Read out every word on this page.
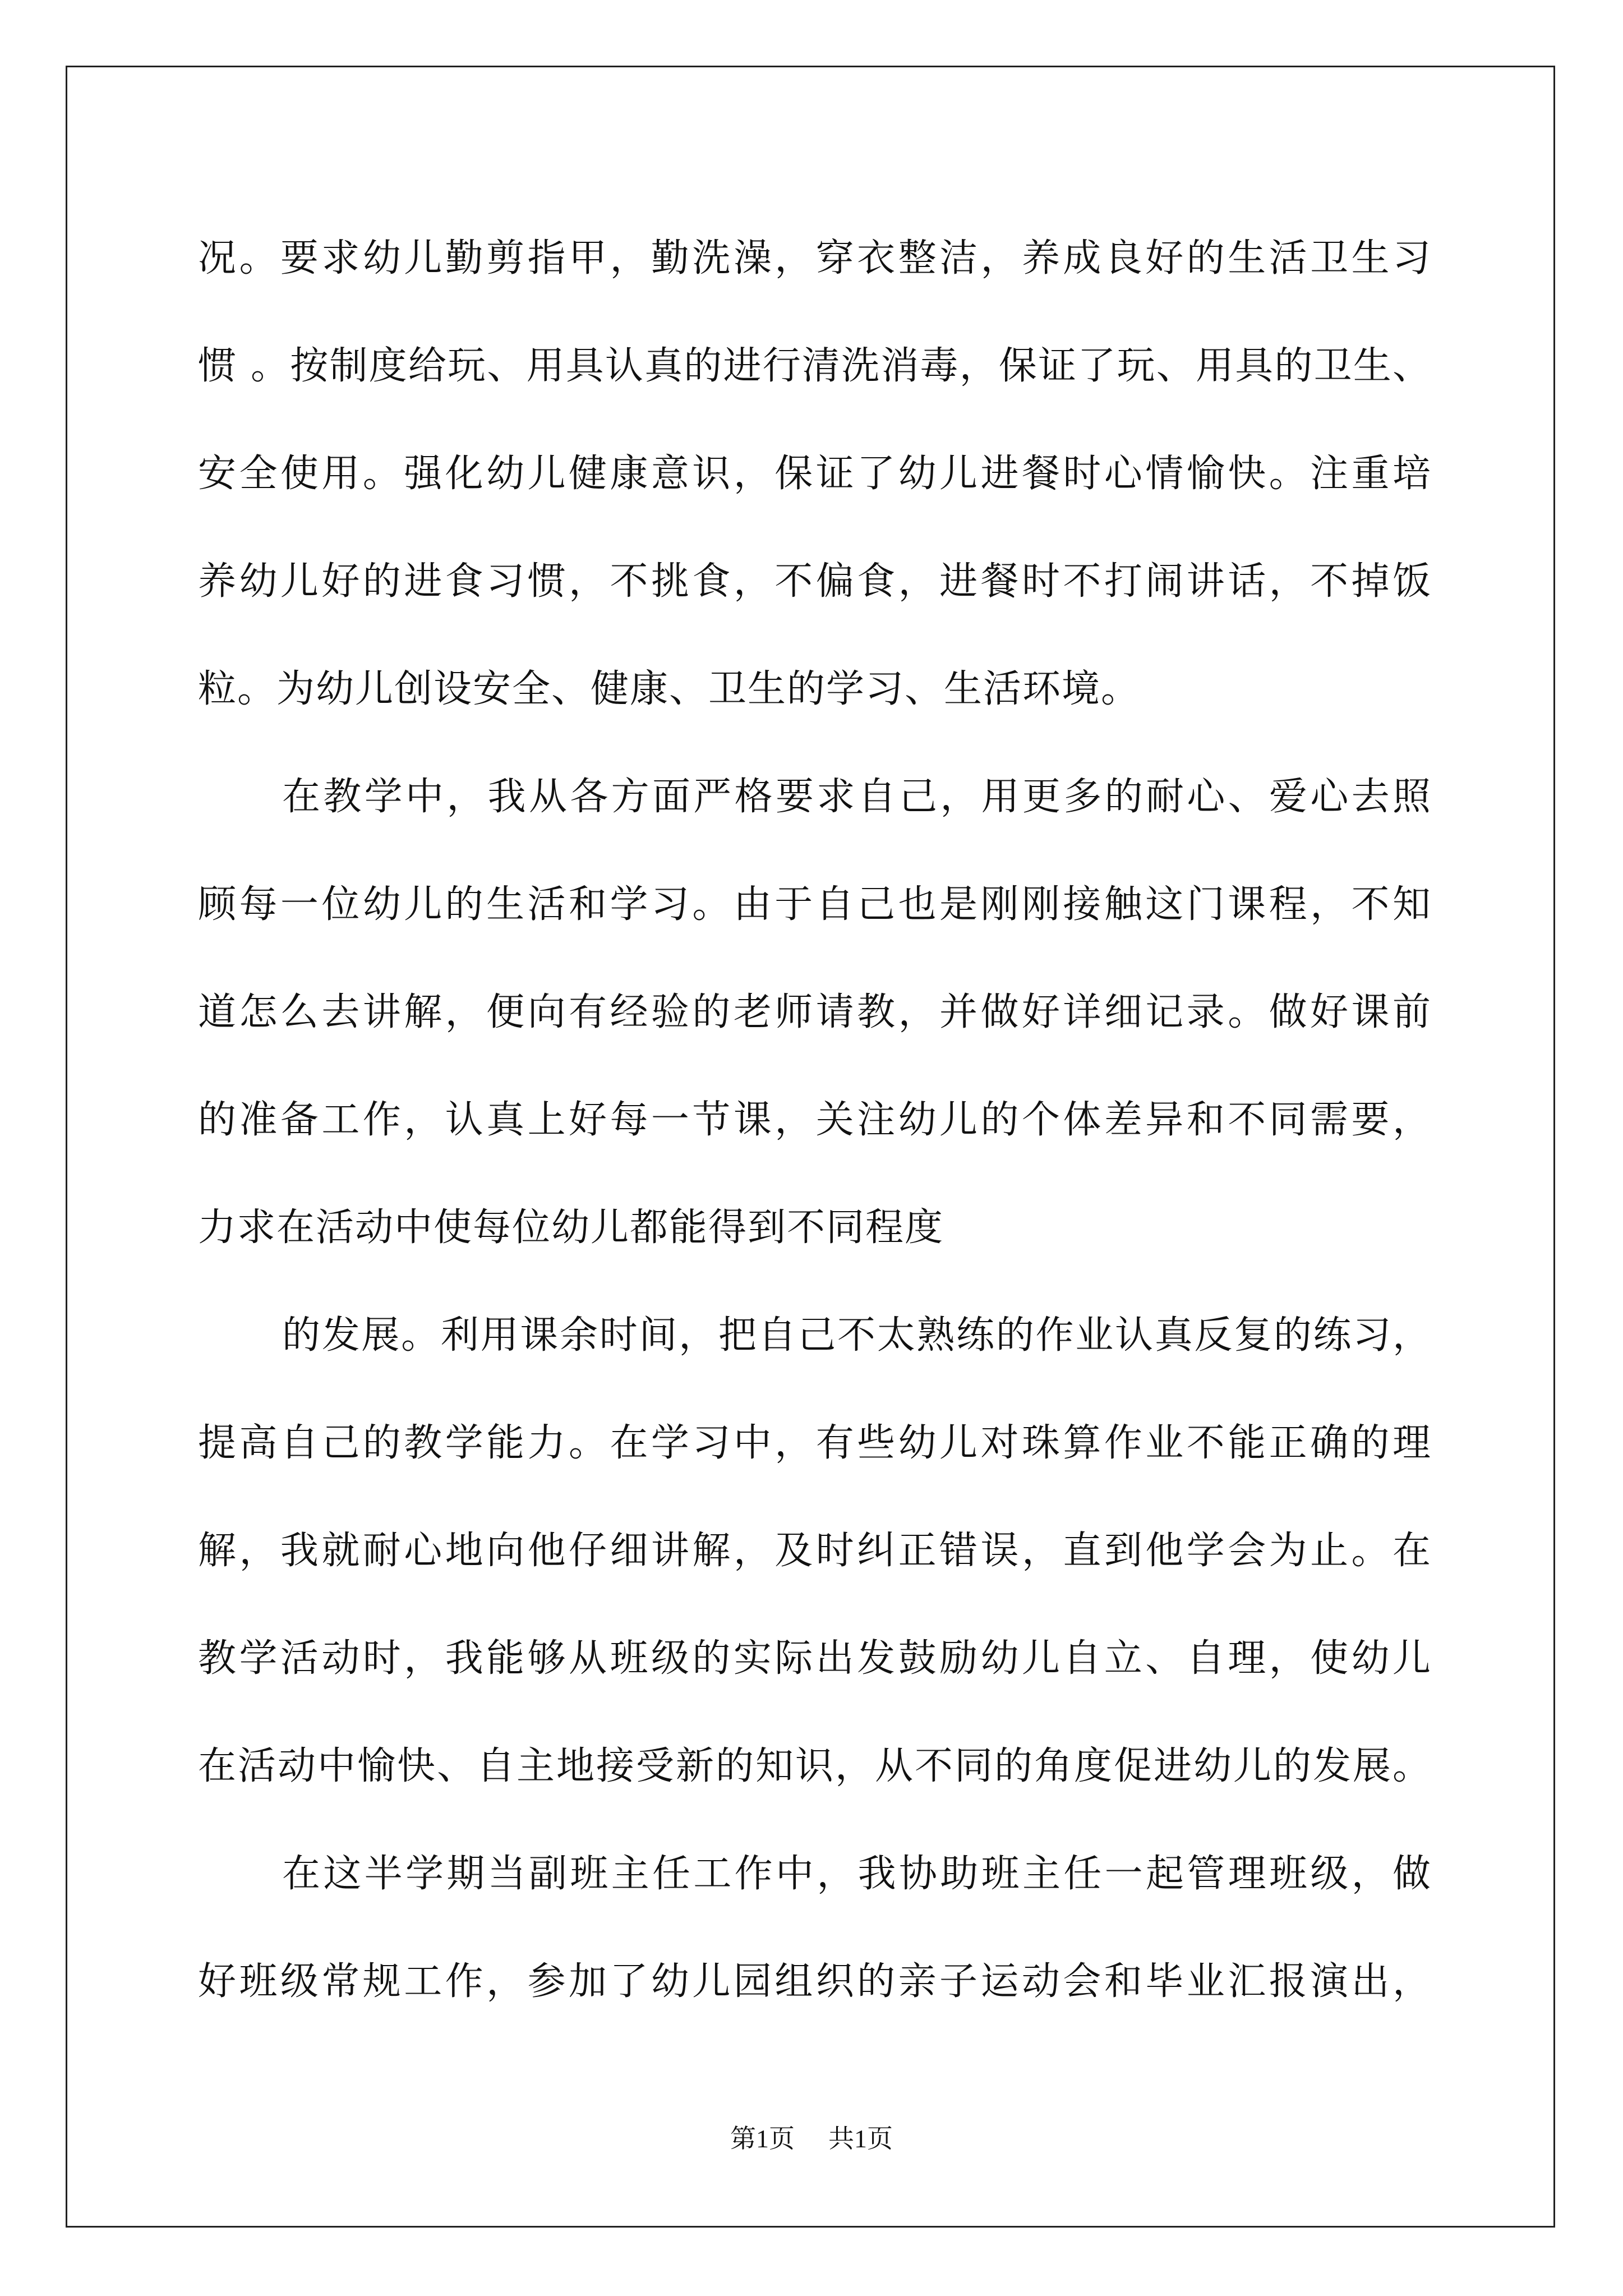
况。要求幼儿勤剪指甲，勤洗澡，穿衣整洁，养成良好的生活卫生习
惯 。按制度给玩、用具认真的进行清洗消毒，保证了玩、用具的卫生、
安全使用。强化幼儿健康意识，保证了幼儿进餐时心情愉快。注重培
养幼儿好的进食习惯，不挑食，不偏食，进餐时不打闹讲话，不掉饭
粒。为幼儿创设安全、健康、卫生的学习、生活环境。
在教学中，我从各方面严格要求自己，用更多的耐心、爱心去照
顾每一位幼儿的生活和学习。由于自己也是刚刚接触这门课程，不知
道怎么去讲解，便向有经验的老师请教，并做好详细记录。做好课前
的准备工作，认真上好每一节课，关注幼儿的个体差异和不同需要，
力求在活动中使每位幼儿都能得到不同程度
的发展。利用课余时间，把自己不太熟练的作业认真反复的练习，
提高自己的教学能力。在学习中，有些幼儿对珠算作业不能正确的理
解，我就耐心地向他仔细讲解，及时纠正错误，直到他学会为止。在
教学活动时，我能够从班级的实际出发鼓励幼儿自立、自理，使幼儿
在活动中愉快、自主地接受新的知识，从不同的角度促进幼儿的发展。
在这半学期当副班主任工作中，我协助班主任一起管理班级，做
好班级常规工作，参加了幼儿园组织的亲子运动会和毕业汇报演出，
第1页 共1页
